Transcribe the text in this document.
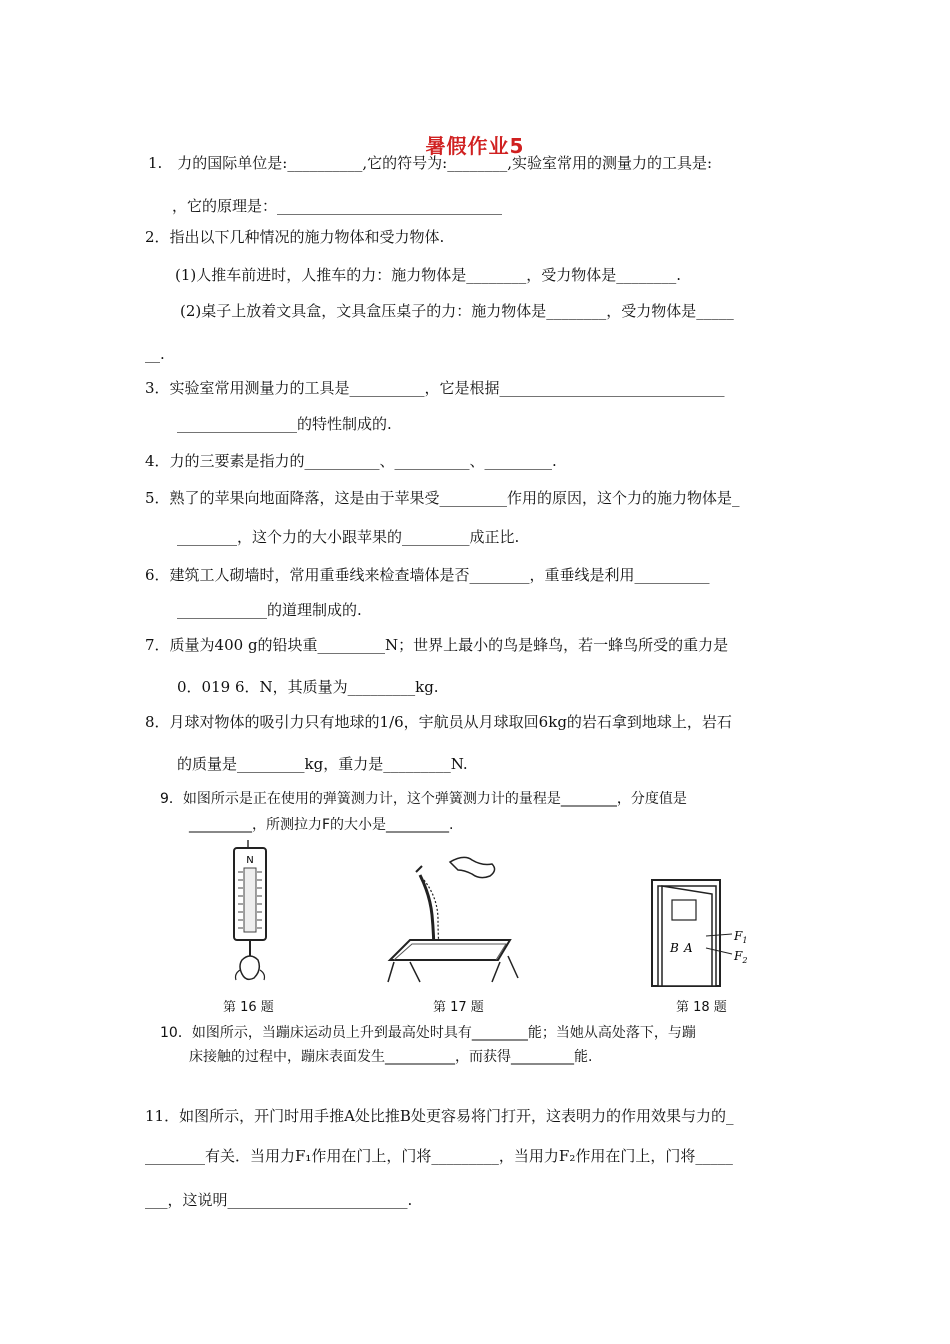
暑假作业5
1.　力的国际单位是:__________,它的符号为:________,实验室常用的测量力的工具是:
，它的原理是：______________________________
2．指出以下几种情况的施力物体和受力物体.
(1)人推车前进时，人推车的力：施力物体是________，受力物体是________.
(2)桌子上放着文具盒，文具盒压桌子的力：施力物体是________，受力物体是_____
__.
3．实验室常用测量力的工具是__________，它是根据______________________________
________________的特性制成的.
4．力的三要素是指力的__________、__________、_________.
5．熟了的苹果向地面降落，这是由于苹果受_________作用的原因，这个力的施力物体是_
________，这个力的大小跟苹果的_________成正比.
6．建筑工人砌墙时，常用重垂线来检查墙体是否________，重垂线是利用__________
____________的道理制成的.
7．质量为400 g的铅块重_________N；世界上最小的鸟是蜂鸟，若一蜂鸟所受的重力是
0．019 6．N，其质量为_________kg.
8．月球对物体的吸引力只有地球的1/6，宇航员从月球取回6kg的岩石拿到地球上，岩石
的质量是_________kg，重力是_________N.
9．如图所示是正在使用的弹簧测力计，这个弹簧测力计的量程是________，分度值是
_________，所测拉力F的大小是_________.
N
第 16 题	第 17 题
B A
$F_1$
$F_2$
第 18 题
10．如图所示，当蹦床运动员上升到最高处时具有________能；当她从高处落下，与蹦
床接触的过程中，蹦床表面发生__________，而获得_________能.
11．如图所示，开门时用手推A处比推B处更容易将门打开，这表明力的作用效果与力的_
________有关．当用力F₁作用在门上，门将_________，当用力F₂作用在门上，门将_____
___，这说明________________________.
